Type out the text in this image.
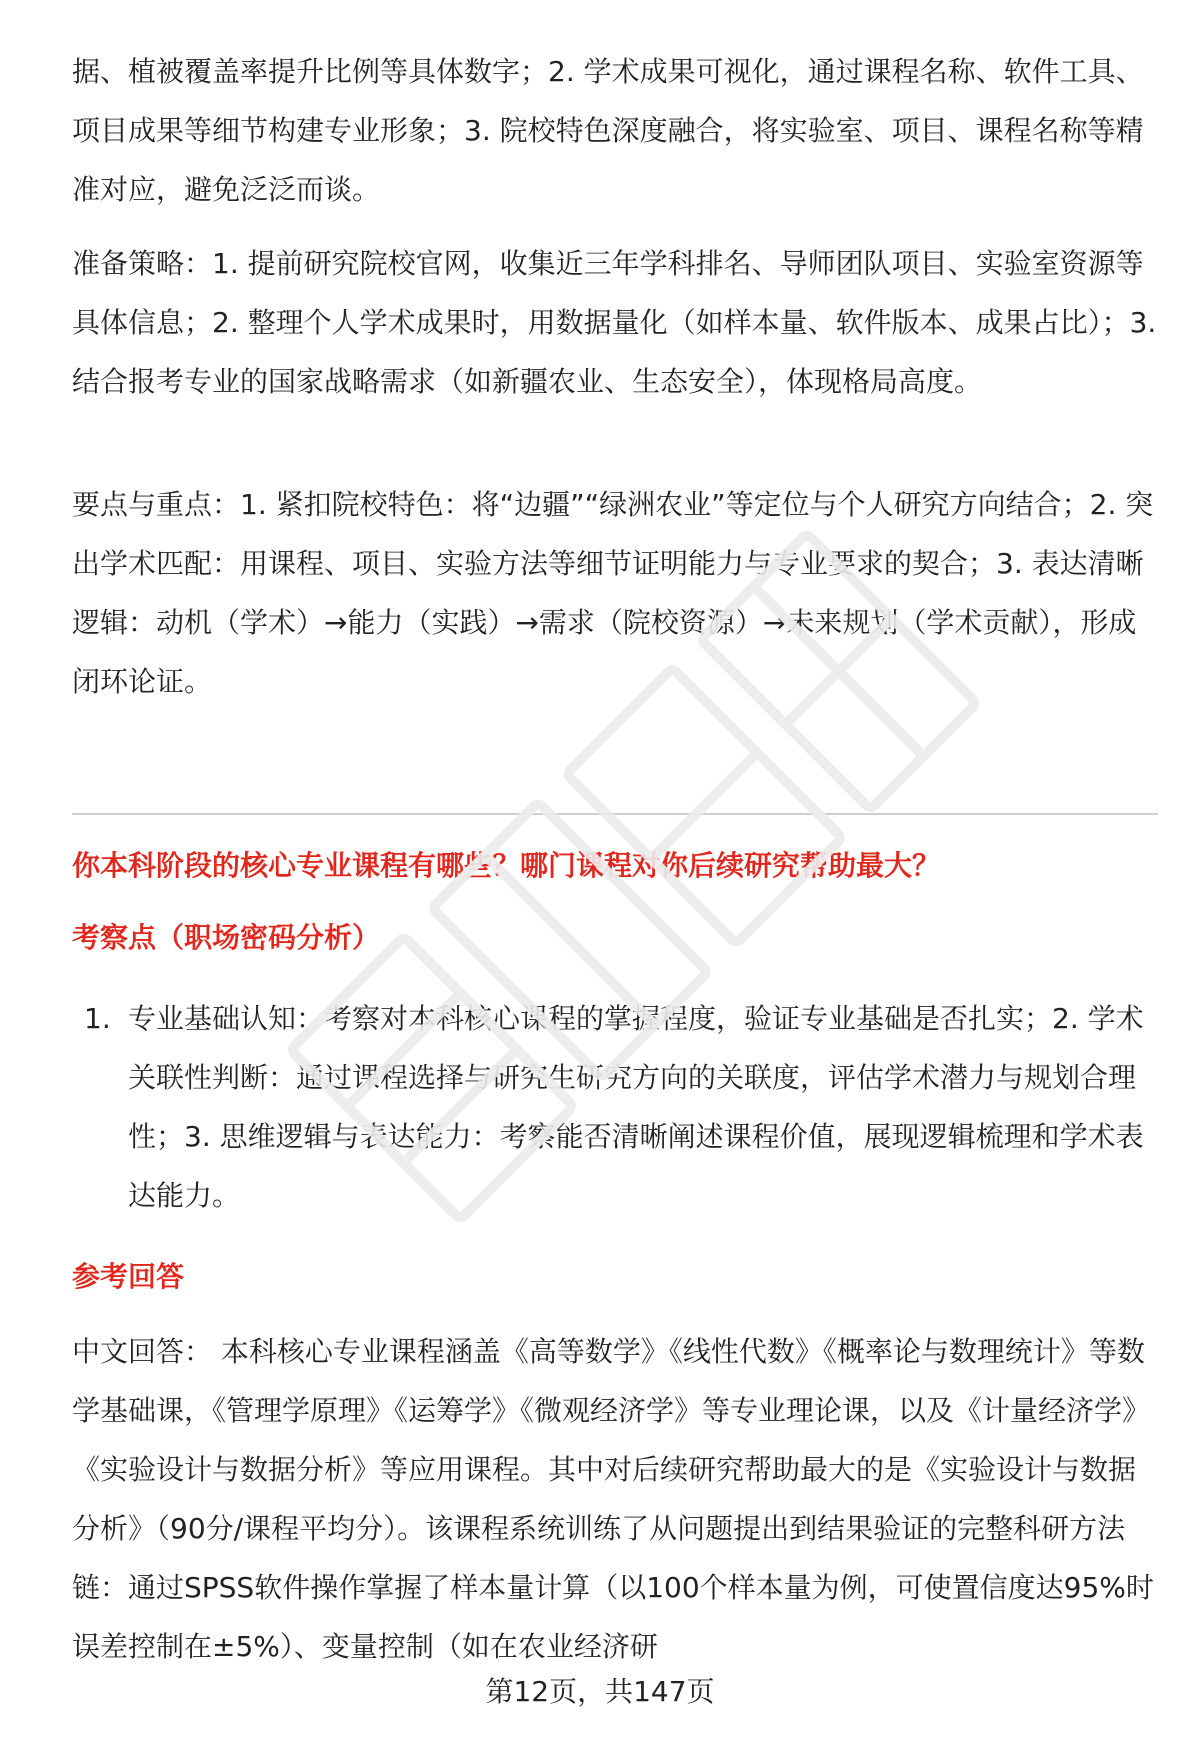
据、植被覆盖率提升比例等具体数字；2. 学术成果可视化，通过课程名称、软件工具、项目成果等细节构建专业形象；3. 院校特色深度融合，将实验室、项目、课程名称等精准对应，避免泛泛而谈。

准备策略：1. 提前研究院校官网，收集近三年学科排名、导师团队项目、实验室资源等具体信息；2. 整理个人学术成果时，用数据量化（如样本量、软件版本、成果占比）；3. 结合报考专业的国家战略需求（如新疆农业、生态安全），体现格局高度。

要点与重点：1. 紧扣院校特色：将“边疆”“绿洲农业”等定位与个人研究方向结合；2. 突出学术匹配：用课程、项目、实验方法等细节证明能力与专业要求的契合；3. 表达清晰逻辑：动机（学术）→能力（实践）→需求（院校资源）→未来规划（学术贡献），形成闭环论证。

你本科阶段的核心专业课程有哪些？哪门课程对你后续研究帮助最大？
考察点（职场密码分析）
1. 专业基础认知：考察对本科核心课程的掌握程度，验证专业基础是否扎实；2. 学术关联性判断：通过课程选择与研究生研究方向的关联度，评估学术潜力与规划合理性；3. 思维逻辑与表达能力：考察能否清晰阐述课程价值，展现逻辑梳理和学术表达能力。
参考回答

中文回答： 本科核心专业课程涵盖《高等数学》《线性代数》《概率论与数理统计》等数学基础课，《管理学原理》《运筹学》《微观经济学》等专业理论课，以及《计量经济学》《实验设计与数据分析》等应用课程。其中对后续研究帮助最大的是《实验设计与数据分析》（90分/课程平均分）。该课程系统训练了从问题提出到结果验证的完整科研方法链：通过SPSS软件操作掌握了样本量计算（以100个样本量为例，可使置信度达95%时误差控制在±5%）、变量控制（如在农业经济研

第12页，共147页
